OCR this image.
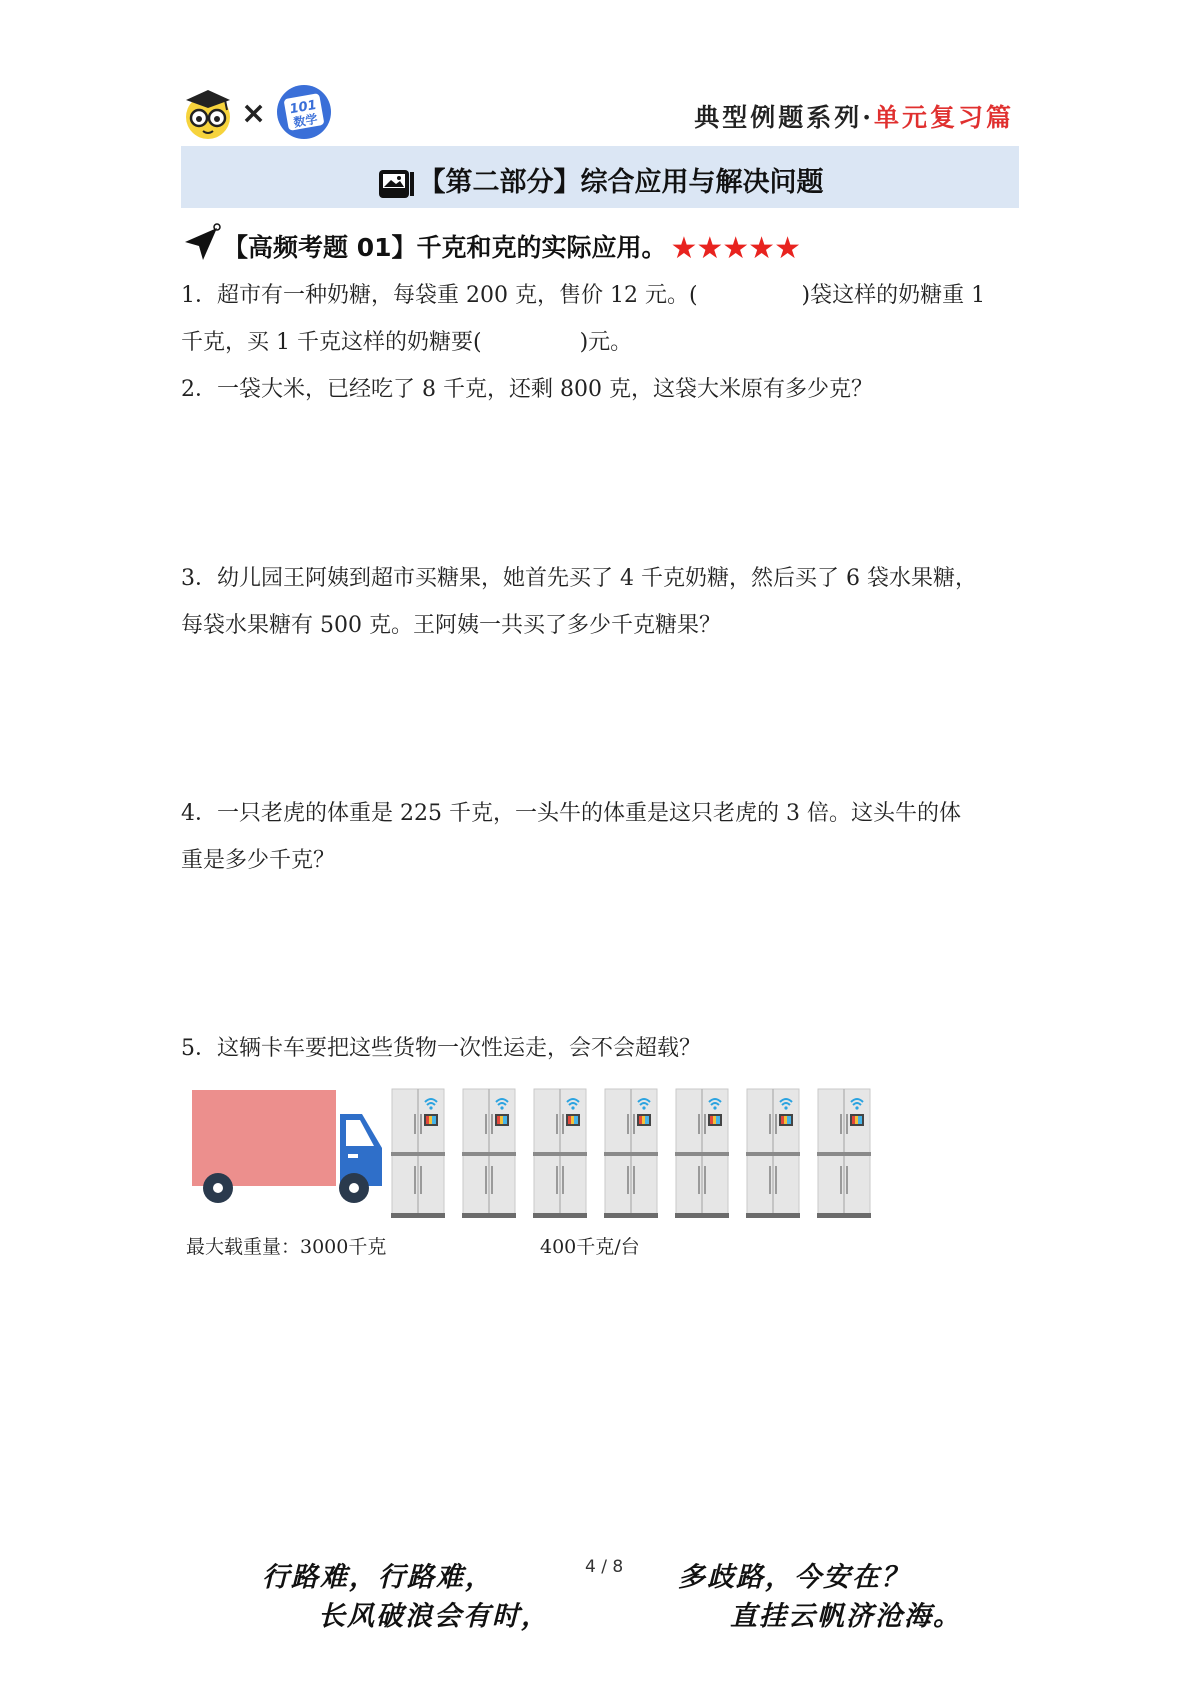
× 101
数学	典型例题系列·单元复习篇
【第二部分】综合应用与解决问题
【高频考题 01】千克和克的实际应用。 ★★★★★
1．超市有一种奶糖，每袋重 200 克，售价 12 元。(	)袋这样的奶糖重 1
千克，买 1 千克这样的奶糖要(	)元。
2．一袋大米，已经吃了 8 千克，还剩 800 克，这袋大米原有多少克？
3．幼儿园王阿姨到超市买糖果，她首先买了 4 千克奶糖，然后买了 6 袋水果糖，
每袋水果糖有 500 克。王阿姨一共买了多少千克糖果？
4．一只老虎的体重是 225 千克，一头牛的体重是这只老虎的 3 倍。这头牛的体
重是多少千克？
5．这辆卡车要把这些货物一次性运走，会不会超载？
最大载重量：3000千克	400千克/台
4 / 8
行路难，行路难，	多歧路，今安在？
长风破浪会有时，	直挂云帆济沧海。
